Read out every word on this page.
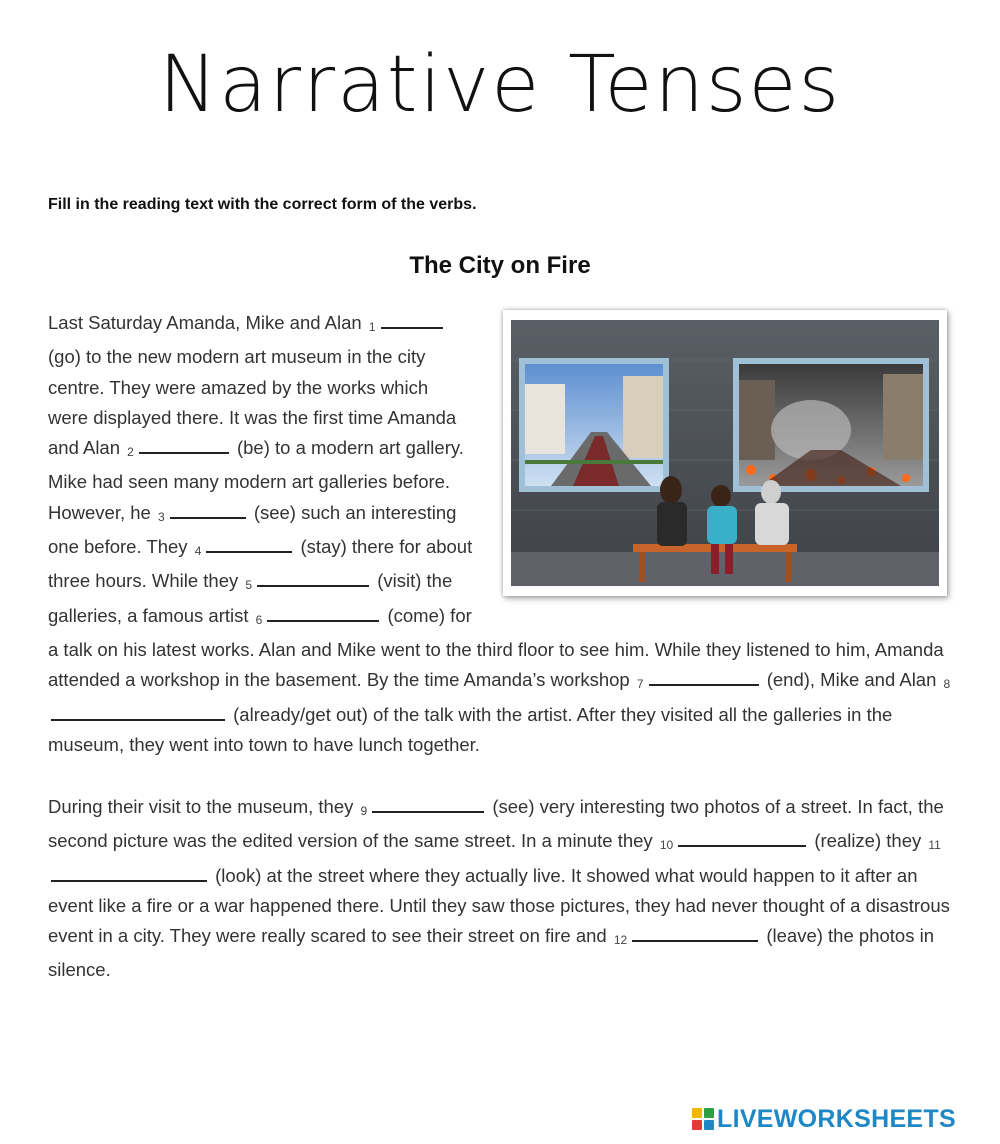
Narrative Tenses

Fill in the reading text with the correct form of the verbs.

The City on Fire

Last Saturday Amanda, Mike and Alan 1 (go) to the new modern art museum in the city centre. They were amazed by the works which were displayed there. It was the first time Amanda and Alan 2	(be) to a modern art gallery. Mike had seen many modern art galleries before. However, he 3	(see) such an interesting one before. They 4	(stay) there for about three hours. While they 5	(visit) the galleries, a famous artist 6	(come) for a talk on his latest works. Alan and Mike went to the third floor to see him. While they listened to him, Amanda attended a workshop in the basement. By the time Amanda’s workshop 7	(end), Mike and Alan 8 (already/get out) of the talk with the artist. After they visited all the galleries in the museum, they went into town to have lunch together.

During their visit to the museum, they 9	(see) very interesting two photos of a street. In fact, the second picture was the edited version of the same street. In a minute they 10	(realize) they 11 (look) at the street where they actually live. It showed what would happen to it after an event like a fire or a war happened there. Until they saw those pictures, they had never thought of a disastrous event in a city. They were really scared to see their street on fire and 12	(leave) the photos in silence.

LIVEWORKSHEETS
